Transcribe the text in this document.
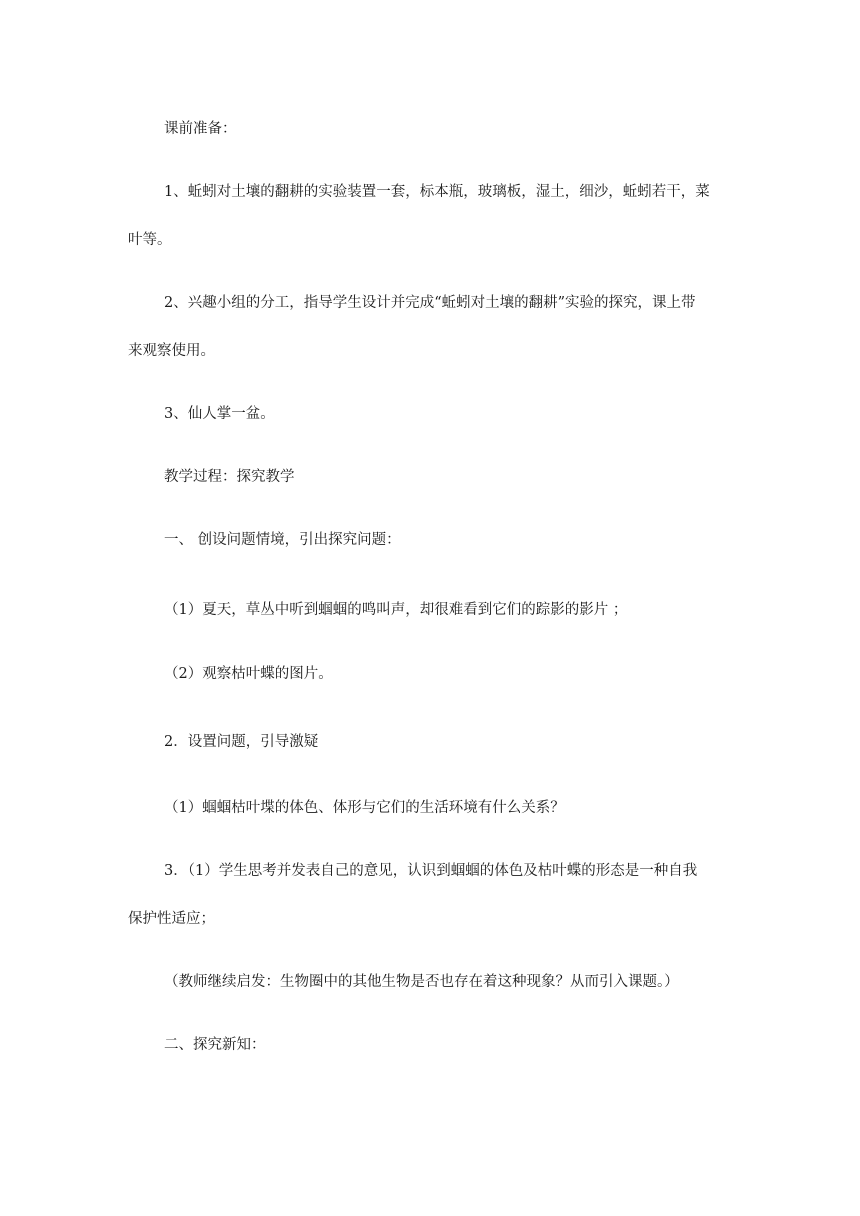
课前准备：
1、蚯蚓对土壤的翻耕的实验装置一套，标本瓶，玻璃板，湿土，细沙，蚯蚓若干，菜
叶等。
2、兴趣小组的分工，指导学生设计并完成“蚯蚓对土壤的翻耕”实验的探究，课上带
来观察使用。
3、仙人掌一盆。
教学过程：探究教学
一、 创设问题情境，引出探究问题：
（1）夏天，草丛中听到蝈蝈的鸣叫声，却很难看到它们的踪影的影片 ；
（2）观察枯叶蝶的图片。
2．设置问题，引导激疑
（1）蝈蝈枯叶堞的体色、体形与它们的生活环境有什么关系？
3．（1）学生思考并发表自己的意见，认识到蝈蝈的体色及枯叶蝶的形态是一种自我
保护性适应；
（教师继续启发：生物圈中的其他生物是否也存在着这种现象？从而引入课题。）
二、探究新知：
